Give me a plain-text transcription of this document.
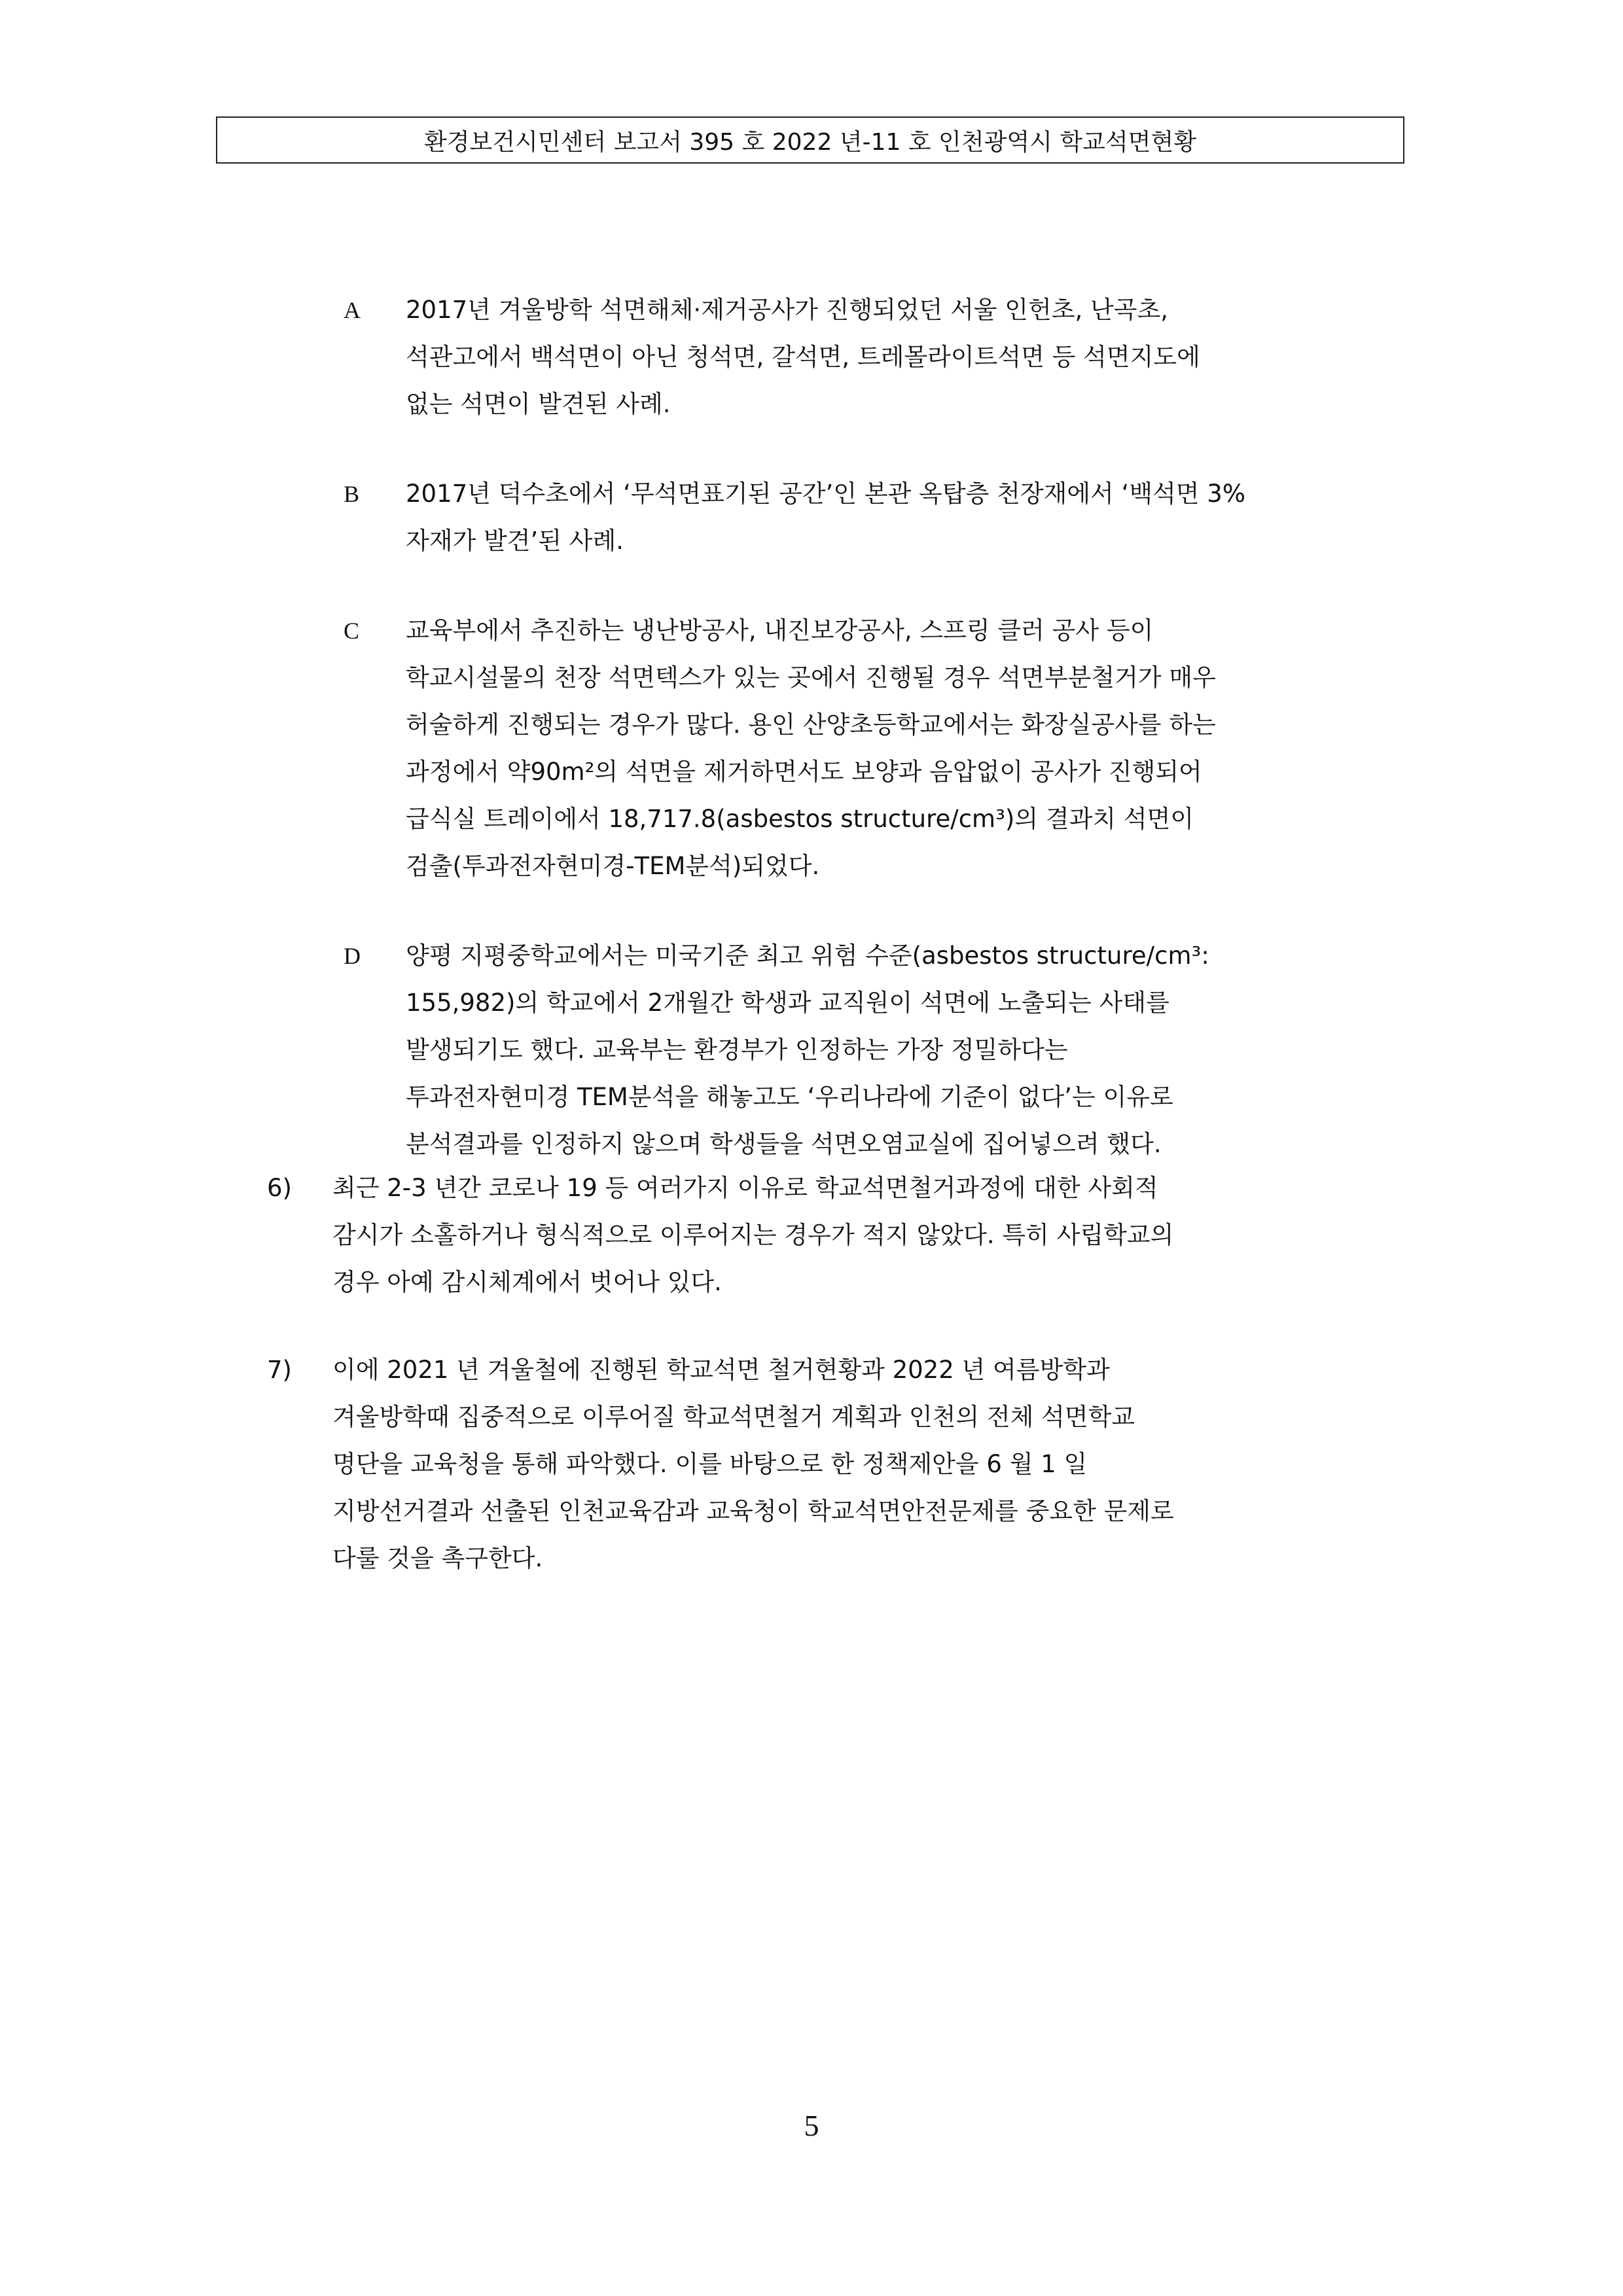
환경보건시민센터 보고서 395 호 2022 년-11 호 인천광역시 학교석면현황
A	2017년 겨울방학 석면해체·제거공사가 진행되었던 서울 인헌초, 난곡초,
석관고에서 백석면이 아닌 청석면, 갈석면, 트레몰라이트석면 등 석면지도에
없는 석면이 발견된 사례.
B	2017년 덕수초에서 ‘무석면표기된 공간’인 본관 옥탑층 천장재에서 ‘백석면 3%
자재가 발견’된 사례.
C	교육부에서 추진하는 냉난방공사, 내진보강공사, 스프링 클러 공사 등이
학교시설물의 천장 석면텍스가 있는 곳에서 진행될 경우 석면부분철거가 매우
허술하게 진행되는 경우가 많다. 용인 산양초등학교에서는 화장실공사를 하는
과정에서 약90m²의 석면을 제거하면서도 보양과 음압없이 공사가 진행되어
급식실 트레이에서 18,717.8(asbestos structure/cm³)의 결과치 석면이
검출(투과전자현미경-TEM분석)되었다.
D	양평 지평중학교에서는 미국기준 최고 위험 수준(asbestos structure/cm³:
155,982)의 학교에서 2개월간 학생과 교직원이 석면에 노출되는 사태를
발생되기도 했다. 교육부는 환경부가 인정하는 가장 정밀하다는
투과전자현미경 TEM분석을 해놓고도 ‘우리나라에 기준이 없다’는 이유로
분석결과를 인정하지 않으며 학생들을 석면오염교실에 집어넣으려 했다.
6)	최근 2-3 년간 코로나 19 등 여러가지 이유로 학교석면철거과정에 대한 사회적
감시가 소홀하거나 형식적으로 이루어지는 경우가 적지 않았다. 특히 사립학교의
경우 아예 감시체계에서 벗어나 있다.
7)	이에 2021 년 겨울철에 진행된 학교석면 철거현황과 2022 년 여름방학과
겨울방학때 집중적으로 이루어질 학교석면철거 계획과 인천의 전체 석면학교
명단을 교육청을 통해 파악했다. 이를 바탕으로 한 정책제안을 6 월 1 일
지방선거결과 선출된 인천교육감과 교육청이 학교석면안전문제를 중요한 문제로
다룰 것을 촉구한다.
5
